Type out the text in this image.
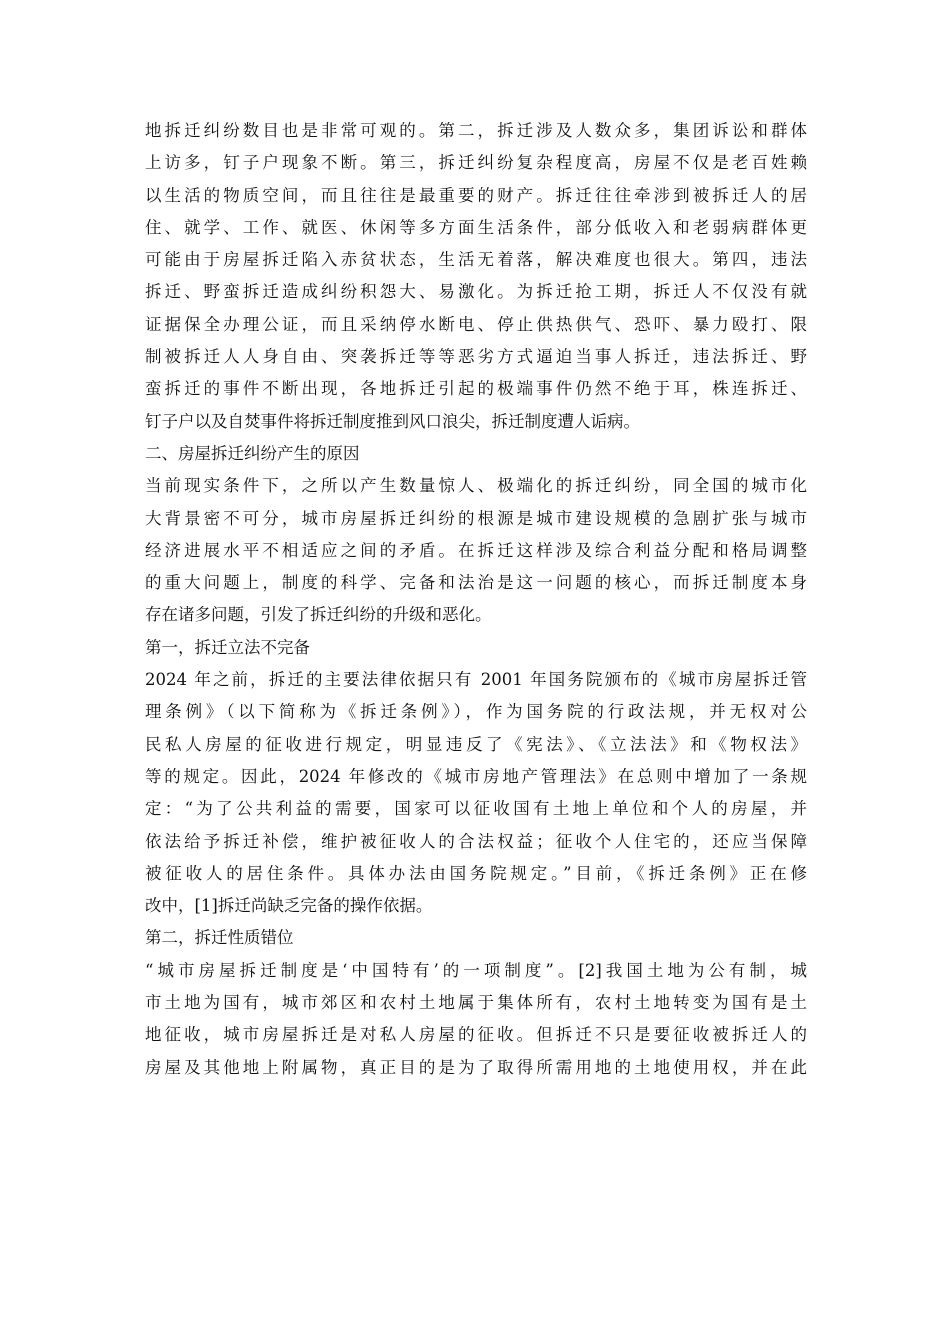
地拆迁纠纷数目也是非常可观的。第二，拆迁涉及人数众多，集团诉讼和群体
上访多，钉子户现象不断。第三，拆迁纠纷复杂程度高，房屋不仅是老百姓赖
以生活的物质空间，而且往往是最重要的财产。拆迁往往牵涉到被拆迁人的居
住、就学、工作、就医、休闲等多方面生活条件，部分低收入和老弱病群体更
可能由于房屋拆迁陷入赤贫状态，生活无着落，解决难度也很大。第四，违法
拆迁、野蛮拆迁造成纠纷积怨大、易激化。为拆迁抢工期，拆迁人不仅没有就
证据保全办理公证，而且采纳停水断电、停止供热供气、恐吓、暴力殴打、限
制被拆迁人人身自由、突袭拆迁等等恶劣方式逼迫当事人拆迁，违法拆迁、野
蛮拆迁的事件不断出现，各地拆迁引起的极端事件仍然不绝于耳，株连拆迁、
钉子户以及自焚事件将拆迁制度推到风口浪尖，拆迁制度遭人诟病。
二、房屋拆迁纠纷产生的原因
当前现实条件下，之所以产生数量惊人、极端化的拆迁纠纷，同全国的城市化
大背景密不可分，城市房屋拆迁纠纷的根源是城市建设规模的急剧扩张与城市
经济进展水平不相适应之间的矛盾。在拆迁这样涉及综合利益分配和格局调整
的重大问题上，制度的科学、完备和法治是这一问题的核心，而拆迁制度本身
存在诸多问题，引发了拆迁纠纷的升级和恶化。
第一，拆迁立法不完备
2024 年之前，拆迁的主要法律依据只有 2001 年国务院颁布的《城市房屋拆迁管
理条例》（以下简称为《拆迁条例》），作为国务院的行政法规，并无权对公
民私人房屋的征收进行规定，明显违反了《宪法》、《立法法》和《物权法》
等的规定。因此，2024 年修改的《城市房地产管理法》在总则中增加了一条规
定：“为了公共利益的需要，国家可以征收国有土地上单位和个人的房屋，并
依法给予拆迁补偿，维护被征收人的合法权益；征收个人住宅的，还应当保障
被征收人的居住条件。具体办法由国务院规定。”目前，《拆迁条例》正在修
改中，[1]拆迁尚缺乏完备的操作依据。
第二，拆迁性质错位
“城市房屋拆迁制度是‘中国特有’的一项制度”。[2]我国土地为公有制，城
市土地为国有，城市郊区和农村土地属于集体所有，农村土地转变为国有是土
地征收，城市房屋拆迁是对私人房屋的征收。但拆迁不只是要征收被拆迁人的
房屋及其他地上附属物，真正目的是为了取得所需用地的土地使用权，并在此
